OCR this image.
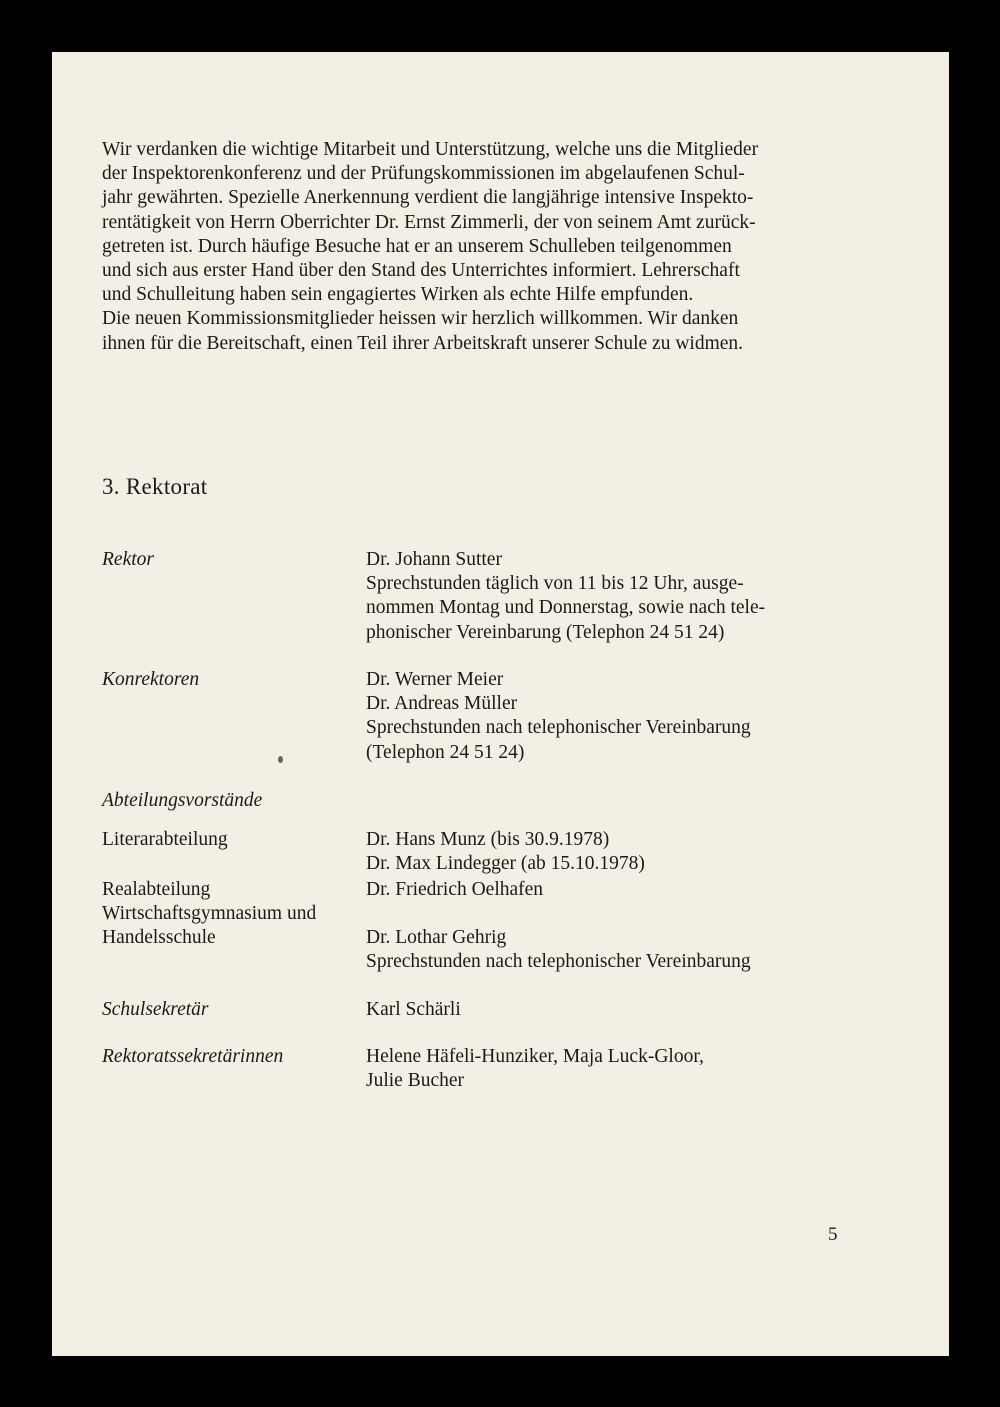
Wir verdanken die wichtige Mitarbeit und Unterstützung, welche uns die Mitglieder
der Inspektorenkonferenz und der Prüfungskommissionen im abgelaufenen Schul-
jahr gewährten. Spezielle Anerkennung verdient die langjährige intensive Inspekto-
rentätigkeit von Herrn Oberrichter Dr. Ernst Zimmerli, der von seinem Amt zurück-
getreten ist. Durch häufige Besuche hat er an unserem Schulleben teilgenommen
und sich aus erster Hand über den Stand des Unterrichtes informiert. Lehrerschaft
und Schulleitung haben sein engagiertes Wirken als echte Hilfe empfunden.
Die neuen Kommissionsmitglieder heissen wir herzlich willkommen. Wir danken
ihnen für die Bereitschaft, einen Teil ihrer Arbeitskraft unserer Schule zu widmen.
3. Rektorat
Rektor	Dr. Johann Sutter
Sprechstunden täglich von 11 bis 12 Uhr, ausge-
nommen Montag und Donnerstag, sowie nach tele-
phonischer Vereinbarung (Telephon 24 51 24)
Konrektoren	Dr. Werner Meier
Dr. Andreas Müller
Sprechstunden nach telephonischer Vereinbarung
(Telephon 24 51 24)
Abteilungsvorstände
Literarabteilung	Dr. Hans Munz (bis 30.9.1978)
Dr. Max Lindegger (ab 15.10.1978)
Realabteilung	Dr. Friedrich Oelhafen
Wirtschaftsgymnasium und
Handelsschule	Dr. Lothar Gehrig
Sprechstunden nach telephonischer Vereinbarung
Schulsekretär	Karl Schärli
Rektoratssekretärinnen	Helene Häfeli-Hunziker, Maja Luck-Gloor,
Julie Bucher
5
